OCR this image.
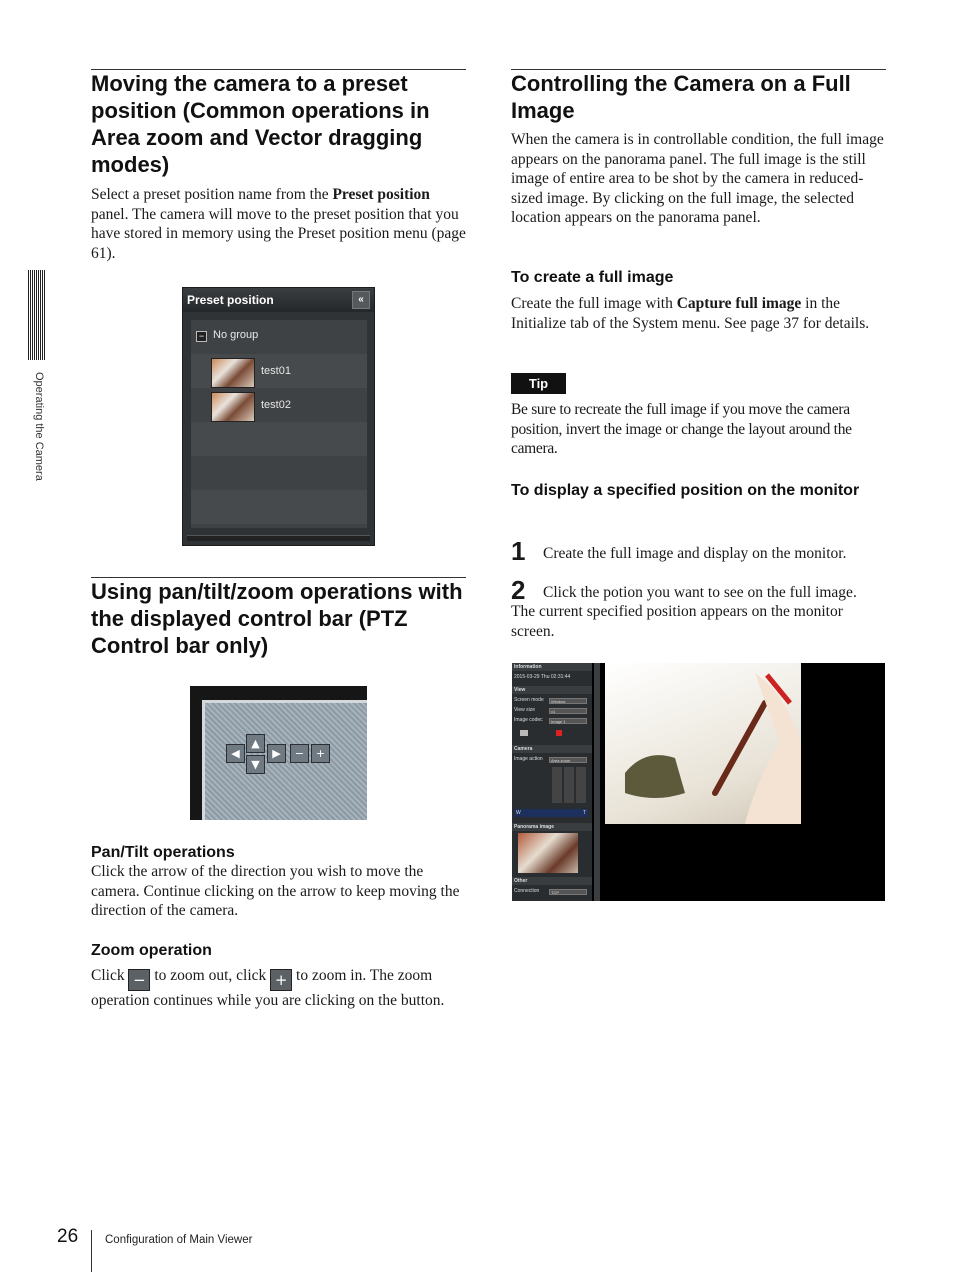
Operating the Camera
Moving the camera to a preset position (Common operations in Area zoom and Vector dragging modes)

Select a preset position name from the Preset position panel. The camera will move to the preset position that you have stored in memory using the Preset position menu (page 61).

Preset position	«
− No group
test01
test02
Using pan/tilt/zoom operations with the displayed control bar (PTZ Control bar only)
◀
▲
▼
▶	−	+
Pan/Tilt operations

Click the arrow of the direction you wish to move the camera. Continue clicking on the arrow to keep moving the direction of the camera.

Zoom operation

Click − to zoom out, click + to zoom in. The zoom operation continues while you are clicking on the button.

Controlling the Camera on a Full Image

When the camera is in controllable condition, the full image appears on the panorama panel. The full image is the still image of entire area to be shot by the camera in reduced-sized image. By clicking on the full image, the selected location appears on the panorama panel.

To create a full image

Create the full image with Capture full image in the Initialize tab of the System menu. See page 37 for details.

Tip

Be sure to recreate the full image if you move the camera position, invert the image or change the layout around the camera.

To display a specified position on the monitor
1 Create the full image and display on the monitor.

2 Click the potion you want to see on the full image.

The current specified position appears on the monitor screen.

Information
2015-03-29 Thu 02:31:44
View
Screen mode	Window
View size	x1
Image codec	Image 1
Camera
Image action	Area zoom
W	T
Panorama image
Other
Connection	TCP
26 Configuration of Main Viewer
